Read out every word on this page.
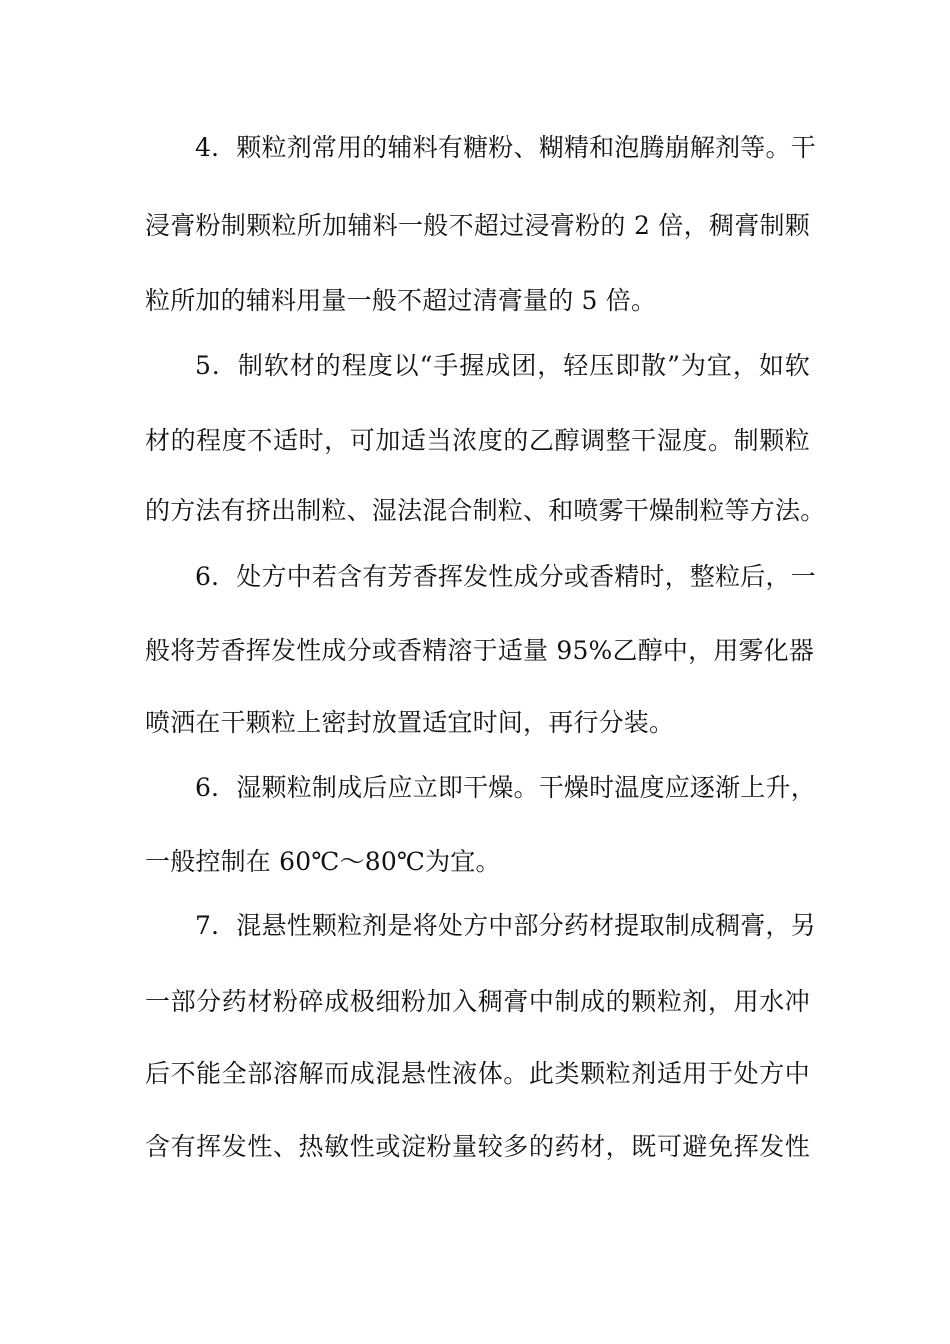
4．颗粒剂常用的辅料有糖粉、糊精和泡腾崩解剂等。干
浸膏粉制颗粒所加辅料一般不超过浸膏粉的 2 倍，稠膏制颗
粒所加的辅料用量一般不超过清膏量的 5 倍。
5．制软材的程度以“手握成团，轻压即散”为宜，如软
材的程度不适时，可加适当浓度的乙醇调整干湿度。制颗粒
的方法有挤出制粒、湿法混合制粒、和喷雾干燥制粒等方法。
6．处方中若含有芳香挥发性成分或香精时，整粒后，一
般将芳香挥发性成分或香精溶于适量 95%乙醇中，用雾化器
喷洒在干颗粒上密封放置适宜时间，再行分装。
6．湿颗粒制成后应立即干燥。干燥时温度应逐渐上升，
一般控制在 60℃～80℃为宜。
7．混悬性颗粒剂是将处方中部分药材提取制成稠膏，另
一部分药材粉碎成极细粉加入稠膏中制成的颗粒剂，用水冲
后不能全部溶解而成混悬性液体。此类颗粒剂适用于处方中
含有挥发性、热敏性或淀粉量较多的药材，既可避免挥发性
